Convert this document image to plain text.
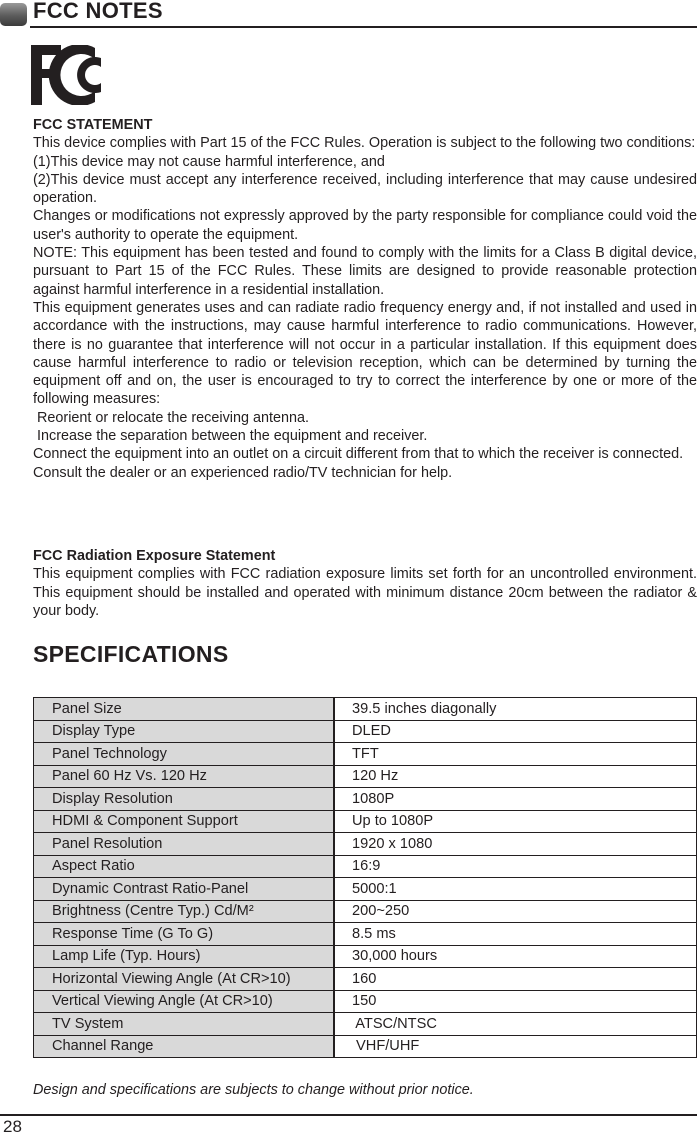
FCC NOTES
FCC STATEMENT
This device complies with Part 15 of the FCC Rules. Operation is subject to the following two conditions:
(1)This device may not cause harmful interference, and
(2)This device must accept any interference received, including interference that may cause undesired operation.
Changes or modifications not expressly approved by the party responsible for compliance could void the user's authority to operate the equipment.
NOTE: This equipment has been tested and found to comply with the limits for a Class B digital device, pursuant to Part 15 of the FCC Rules. These limits are designed to provide reasonable protection against harmful interference in a residential installation.
This equipment generates uses and can radiate radio frequency energy and, if not installed and used in accordance with the instructions, may cause harmful interference to radio communications. However, there is no guarantee that interference will not occur in a particular installation. If this equipment does cause harmful interference to radio or television reception, which can be determined by turning the equipment off and on, the user is encouraged to try to correct the interference by one or more of the following measures:
Reorient or relocate the receiving antenna.
Increase the separation between the equipment and receiver.
Connect the equipment into an outlet on a circuit different from that to which the receiver is connected.
Consult the dealer or an experienced radio/TV technician for help.
FCC Radiation Exposure Statement
This equipment complies with FCC radiation exposure limits set forth for an uncontrolled environment. This equipment should be installed and operated with minimum distance 20cm between the radiator & your body.
SPECIFICATIONS
Panel Size	39.5 inches diagonally
Display Type	DLED
Panel Technology	TFT
Panel 60 Hz Vs. 120 Hz	120 Hz
Display Resolution	1080P
HDMI & Component Support	Up to 1080P
Panel Resolution	1920 x 1080
Aspect Ratio	16:9
Dynamic Contrast Ratio-Panel	5000:1
Brightness (Centre Typ.) Cd/M²	200~250
Response Time (G To G)	8.5 ms
Lamp Life (Typ. Hours)	30,000 hours
Horizontal Viewing Angle (At CR>10)	160
Vertical Viewing Angle (At CR>10)	150
TV System	ATSC/NTSC
Channel Range	VHF/UHF
Design and specifications are subjects to change without prior notice.
28
